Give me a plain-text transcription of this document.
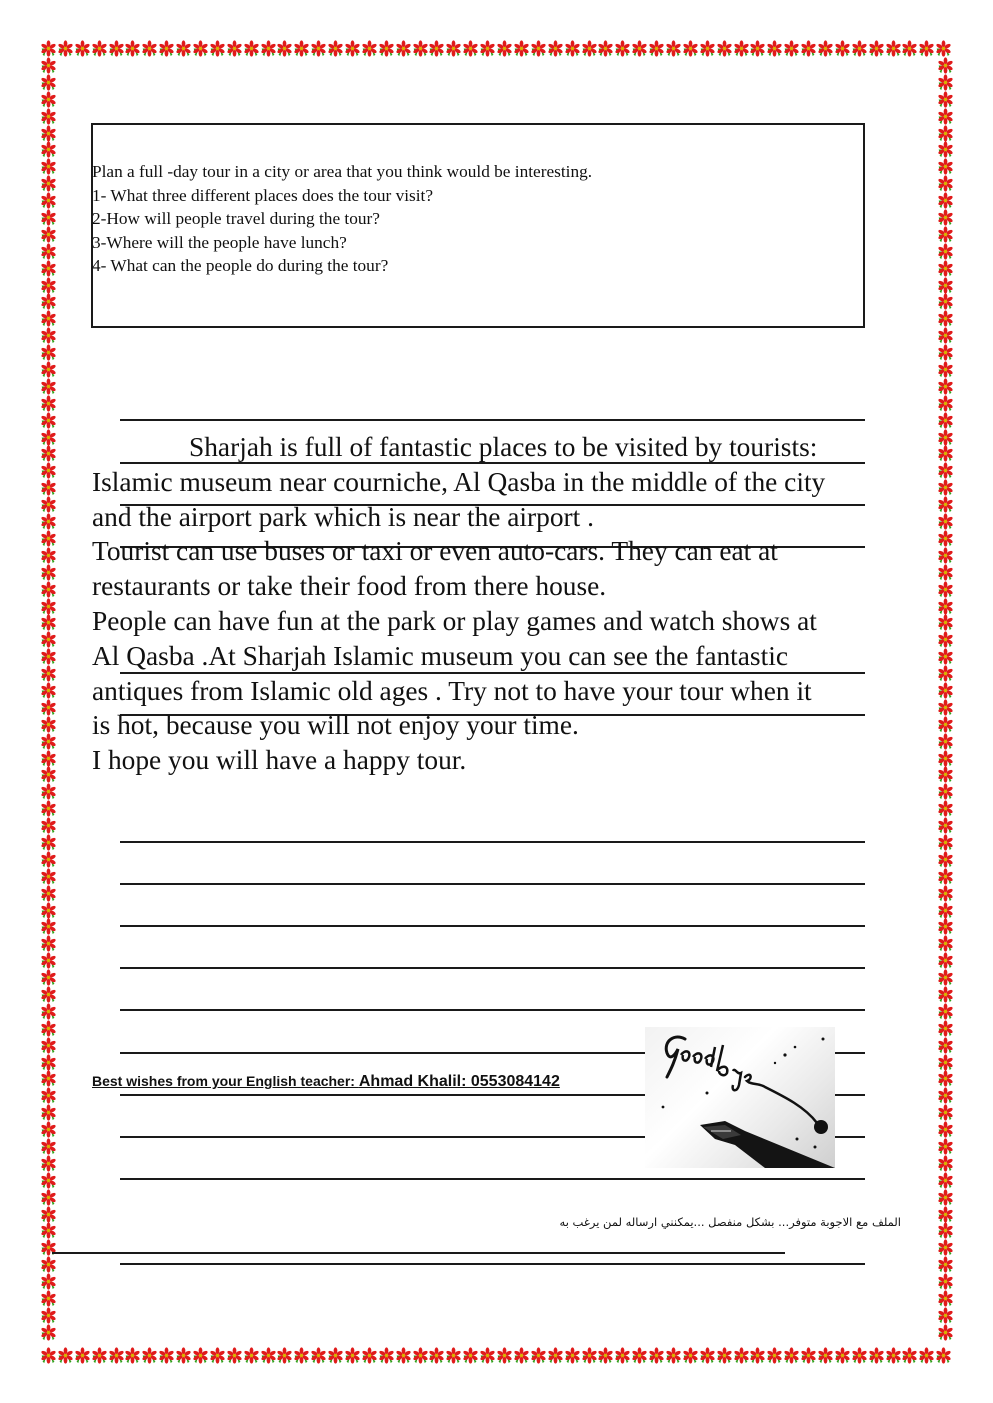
Plan a full -day tour in a city or area that you think would be interesting.
1- What three different places does the tour visit?
2-How will people travel during the tour?
3-Where will the people have lunch?
4- What can the people do during the tour?

Sharjah is full of fantastic places to be visited by tourists:

Islamic museum near courniche, Al Qasba in the middle of the city

and the airport park which is near the airport .

Tourist can use buses or taxi or even auto-cars. They can eat at

restaurants or take their food from there house.

People can have fun at the park or play games and watch shows at

Al Qasba .At Sharjah Islamic museum you can see the fantastic

antiques from Islamic old ages . Try not to have your tour when it

is hot, because you will not enjoy your time.

I hope you will have a happy tour.

Best wishes from your English teacher: Ahmad Khalil: 0553084142
الملف مع الاجوبة متوفر... بشكل منفصل ...يمكنني ارساله لمن يرغب به
